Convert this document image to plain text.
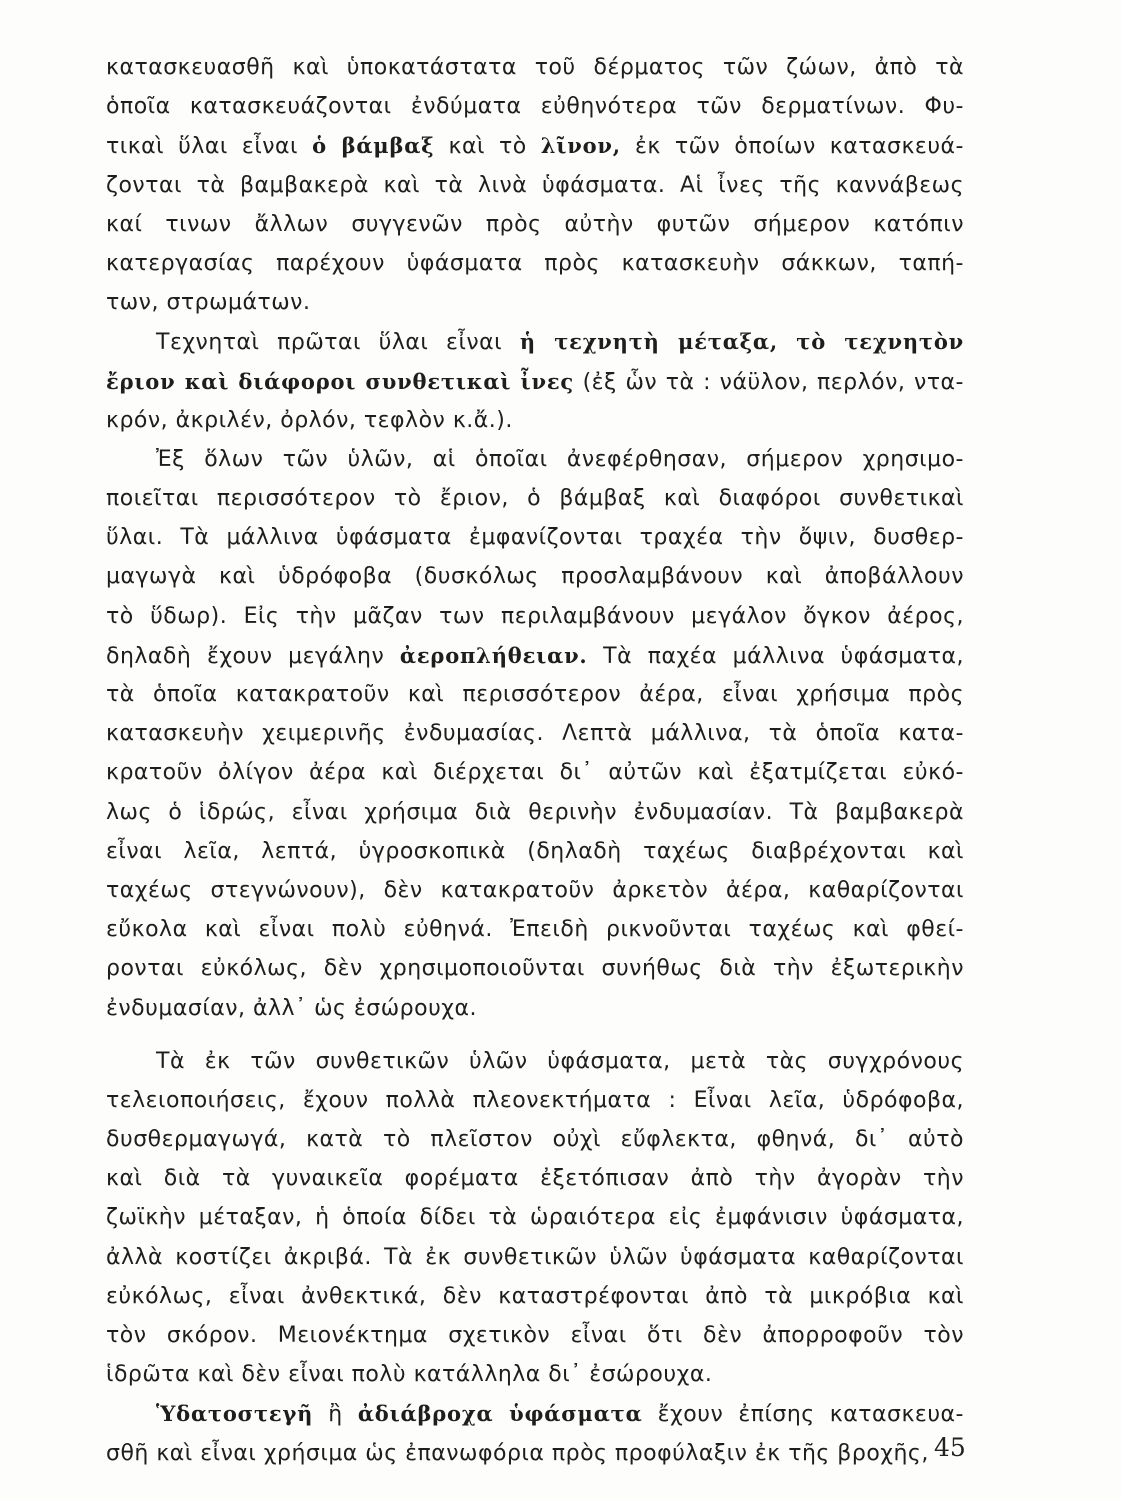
κατασκευασθῆ καὶ ὑποκατάστατα τοῦ δέρματος τῶν ζώων, ἀπὸ τὰ
ὁποῖα κατασκευάζονται ἐνδύματα εὐθηνότερα τῶν δερματίνων. Φυ-
τικαὶ ὕλαι εἶναι ὁ βάμβαξ καὶ τὸ λῖνον, ἐκ τῶν ὁποίων κατασκευά-
ζονται τὰ βαμβακερὰ καὶ τὰ λινὰ ὑφάσματα. Αἱ ἶνες τῆς καννάβεως
καί τινων ἄλλων συγγενῶν πρὸς αὐτὴν φυτῶν σήμερον κατόπιν
κατεργασίας παρέχουν ὑφάσματα πρὸς κατασκευὴν σάκκων, ταπή-
των, στρωμάτων.
Τεχνηταὶ πρῶται ὕλαι εἶναι ἡ τεχνητὴ μέταξα, τὸ τεχνητὸν
ἔριον καὶ διάφοροι συνθετικαὶ ἶνες (ἐξ ὧν τὰ : νάϋλον, περλόν, ντα-
κρόν, ἀκριλέν, ὀρλόν, τεφλὸν κ.ἄ.).
Ἐξ ὅλων τῶν ὑλῶν, αἱ ὁποῖαι ἀνεφέρθησαν, σήμερον χρησιμο-
ποιεῖται περισσότερον τὸ ἔριον, ὁ βάμβαξ καὶ διαφόροι συνθετικαὶ
ὕλαι. Τὰ μάλλινα ὑφάσματα ἐμφανίζονται τραχέα τὴν ὄψιν, δυσθερ-
μαγωγὰ καὶ ὑδρόφοβα (δυσκόλως προσλαμβάνουν καὶ ἀποβάλλουν
τὸ ὕδωρ). Εἰς τὴν μᾶζαν των περιλαμβάνουν μεγάλον ὄγκον ἀέρος,
δηλαδὴ ἔχουν μεγάλην ἀεροπλήθειαν. Τὰ παχέα μάλλινα ὑφάσματα,
τὰ ὁποῖα κατακρατοῦν καὶ περισσότερον ἀέρα, εἶναι χρήσιμα πρὸς
κατασκευὴν χειμερινῆς ἐνδυμασίας. Λεπτὰ μάλλινα, τὰ ὁποῖα κατα-
κρατοῦν ὀλίγον ἀέρα καὶ διέρχεται δι᾽ αὐτῶν καὶ ἐξατμίζεται εὐκό-
λως ὁ ἱδρώς, εἶναι χρήσιμα διὰ θερινὴν ἐνδυμασίαν. Τὰ βαμβακερὰ
εἶναι λεῖα, λεπτά, ὑγροσκοπικὰ (δηλαδὴ ταχέως διαβρέχονται καὶ
ταχέως στεγνώνουν), δὲν κατακρατοῦν ἀρκετὸν ἀέρα, καθαρίζονται
εὔκολα καὶ εἶναι πολὺ εὐθηνά. Ἐπειδὴ ρικνοῦνται ταχέως καὶ φθεί-
ρονται εὐκόλως, δὲν χρησιμοποιοῦνται συνήθως διὰ τὴν ἐξωτερικὴν
ἐνδυμασίαν, ἀλλ᾽ ὡς ἐσώρουχα.
Τὰ ἐκ τῶν συνθετικῶν ὑλῶν ὑφάσματα, μετὰ τὰς συγχρόνους
τελειοποιήσεις, ἔχουν πολλὰ πλεονεκτήματα : Εἶναι λεῖα, ὑδρόφοβα,
δυσθερμαγωγά, κατὰ τὸ πλεῖστον οὐχὶ εὔφλεκτα, φθηνά, δι᾽ αὐτὸ
καὶ διὰ τὰ γυναικεῖα φορέματα ἐξετόπισαν ἀπὸ τὴν ἀγορὰν τὴν
ζωϊκὴν μέταξαν, ἡ ὁποία δίδει τὰ ὡραιότερα εἰς ἐμφάνισιν ὑφάσματα,
ἀλλὰ κοστίζει ἀκριβά. Τὰ ἐκ συνθετικῶν ὑλῶν ὑφάσματα καθαρίζονται
εὐκόλως, εἶναι ἀνθεκτικά, δὲν καταστρέφονται ἀπὸ τὰ μικρόβια καὶ
τὸν σκόρον. Μειονέκτημα σχετικὸν εἶναι ὅτι δὲν ἀπορροφοῦν τὸν
ἱδρῶτα καὶ δὲν εἶναι πολὺ κατάλληλα δι᾽ ἐσώρουχα.
Ὑδατοστεγῆ ἢ ἀδιάβροχα ὑφάσματα ἔχουν ἐπίσης κατασκευα-
σθῆ καὶ εἶναι χρήσιμα ὡς ἐπανωφόρια πρὸς προφύλαξιν ἐκ τῆς βροχῆς, 45
